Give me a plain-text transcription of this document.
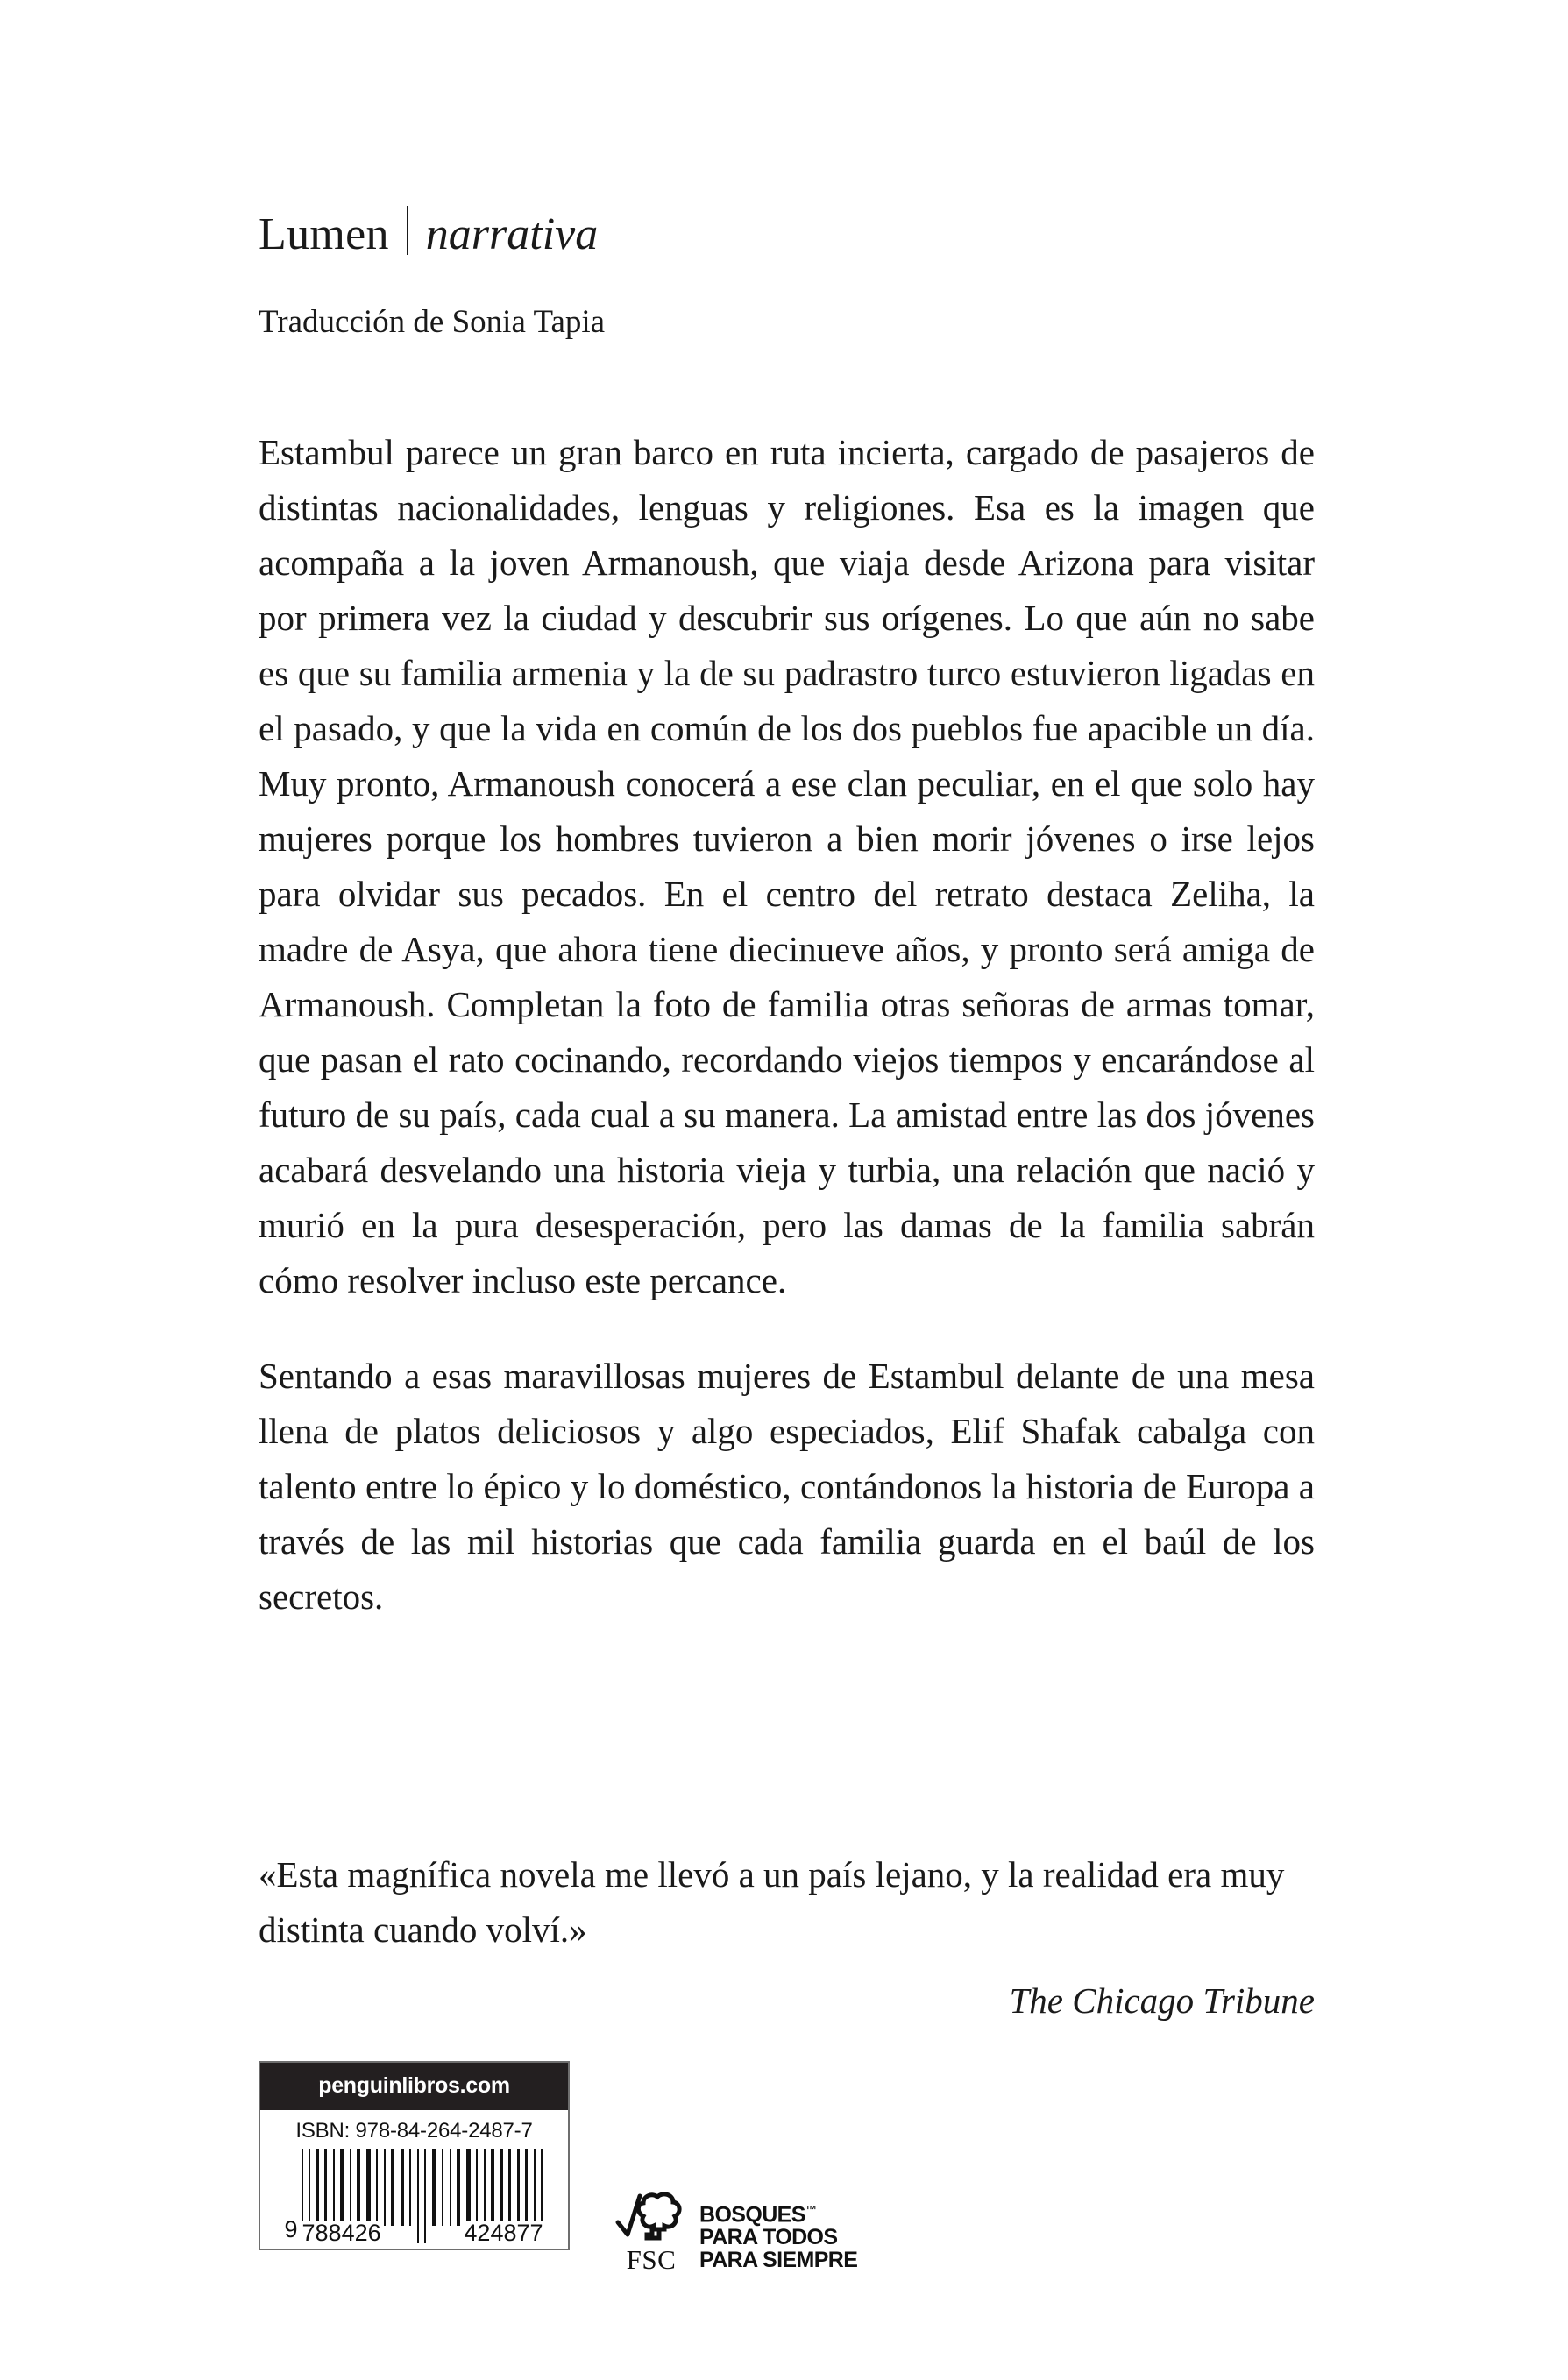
Lumen narrativa
Traducción de Sonia Tapia

Estambul parece un gran barco en ruta incierta, cargado de pasajeros de distintas nacionalidades, lenguas y religiones. Esa es la imagen que acompaña a la joven Armanoush, que viaja desde Arizona para visitar por primera vez la ciudad y descubrir sus orígenes. Lo que aún no sabe es que su familia armenia y la de su padrastro turco estuvieron ligadas en el pasado, y que la vida en común de los dos pueblos fue apacible un día. Muy pronto, Armanoush conocerá a ese clan peculiar, en el que solo hay mujeres porque los hombres tuvieron a bien morir jóvenes o irse lejos para olvidar sus pecados. En el centro del retrato destaca Zeliha, la madre de Asya, que ahora tiene diecinueve años, y pronto será amiga de Armanoush. Completan la foto de familia otras señoras de armas tomar, que pasan el rato cocinando, recordando viejos tiempos y encarándose al futuro de su país, cada cual a su manera. La amistad entre las dos jóvenes acabará desvelando una historia vieja y turbia, una relación que nació y murió en la pura desesperación, pero las damas de la familia sabrán cómo resolver incluso este percance.

Sentando a esas maravillosas mujeres de Estambul delante de una mesa llena de platos deliciosos y algo especiados, Elif Shafak cabalga con talento entre lo épico y lo doméstico, contándonos la historia de Europa a través de las mil historias que cada familia guarda en el baúl de los secretos.

«Esta magnífica novela me llevó a un país lejano, y la realidad era muy distinta cuando volví.»

The Chicago Tribune

penguinlibros.com
ISBN: 978-84-264-2487-7
9 788426	424877
FSC
BOSQUES™
PARA TODOS
PARA SIEMPRE
